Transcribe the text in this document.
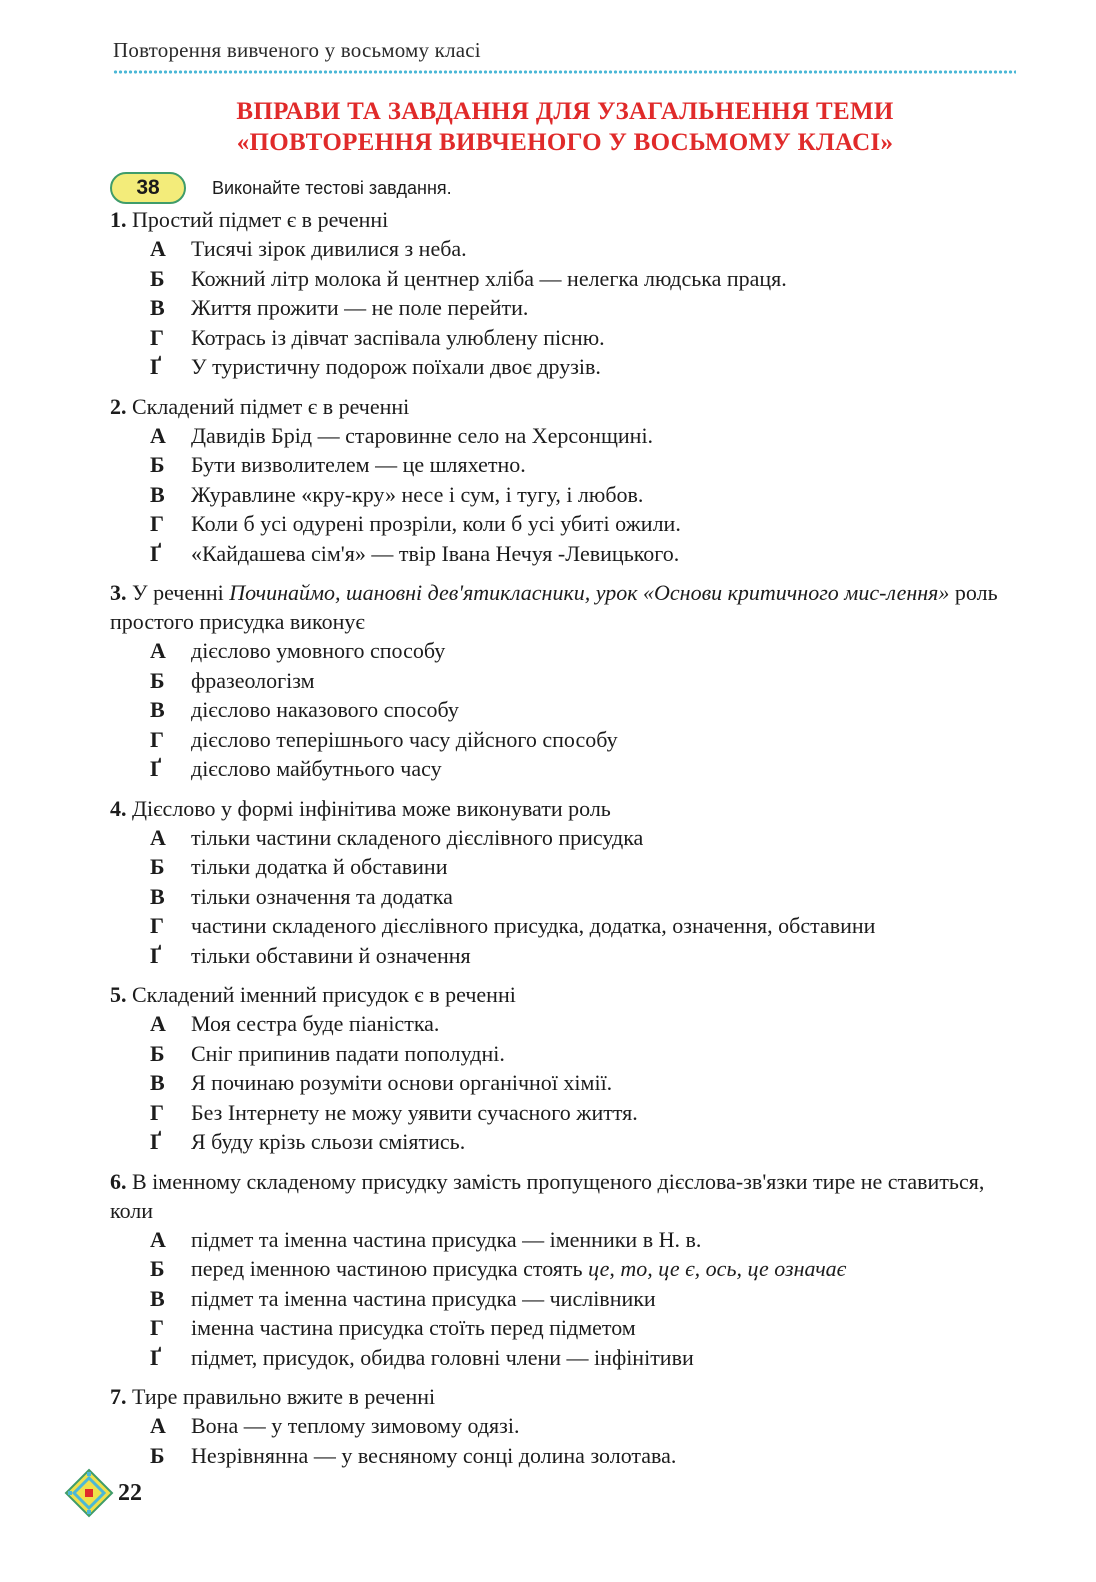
Повторення вивченого у восьмому класі
ВПРАВИ ТА ЗАВДАННЯ ДЛЯ УЗАГАЛЬНЕННЯ ТЕМИ
«ПОВТОРЕННЯ ВИВЧЕНОГО У ВОСЬМОМУ КЛАСІ»
38	Виконайте тестові завдання.
1. Простий підмет є в реченні
А	Тисячі зірок дивилися з неба.
Б	Кожний літр молока й центнер хліба — нелегка людська праця.
В	Життя прожити — не поле перейти.
Г	Котрась із дівчат заспівала улюблену пісню.
Ґ	У туристичну подорож поїхали двоє друзів.
2. Складений підмет є в реченні
А	Давидів Брід — старовинне село на Херсонщині.
Б	Бути визволителем — це шляхетно.
В	Журавлине «кру-кру» несе і сум, і тугу, і любов.
Г	Коли б усі одурені прозріли, коли б усі убиті ожили.
Ґ	«Кайдашева сім'я» — твір Івана Нечуя -Левицького.
3. У реченні Починаймо, шановні дев'ятикласники, урок «Основи критичного мис-лення» роль простого присудка виконує
А	дієслово умовного способу
Б	фразеологізм
В	дієслово наказового способу
Г	дієслово теперішнього часу дійсного способу
Ґ	дієслово майбутнього часу
4. Дієслово у формі інфінітива може виконувати роль
А	тільки частини складеного дієслівного присудка
Б	тільки додатка й обставини
В	тільки означення та додатка
Г	частини складеного дієслівного присудка, додатка, означення, обставини
Ґ	тільки обставини й означення
5. Складений іменний присудок є в реченні
А	Моя сестра буде піаністка.
Б	Сніг припинив падати пополудні.
В	Я починаю розуміти основи органічної хімії.
Г	Без Інтернету не можу уявити сучасного життя.
Ґ	Я буду крізь сльози сміятись.
6. В іменному складеному присудку замість пропущеного дієслова-зв'язки тире не ставиться, коли
А	підмет та іменна частина присудка — іменники в Н. в.
Б	перед іменною частиною присудка стоять це, то, це є, ось, це означає
В	підмет та іменна частина присудка — числівники
Г	іменна частина присудка стоїть перед підметом
Ґ	підмет, присудок, обидва головні члени — інфінітиви
7. Тире правильно вжите в реченні
А	Вона — у теплому зимовому одязі.
Б	Незрівнянна — у весняному сонці долина золотава.
22
